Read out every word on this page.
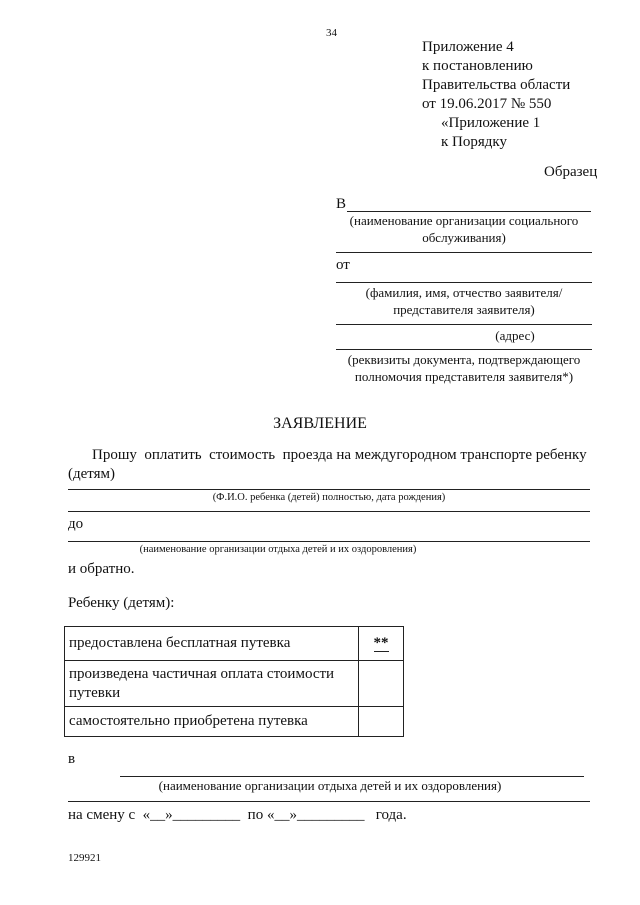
34
Приложение 4
к постановлению
Правительства области
от 19.06.2017 № 550
«Приложение 1
к Порядку
Образец
В
(наименование организации социального
обслуживания)
от
(фамилия, имя, отчество заявителя/
представителя заявителя)
(адрес)
(реквизиты документа, подтверждающего
полномочия представителя заявителя*)
ЗАЯВЛЕНИЕ
Прошу  оплатить  стоимость  проезда на междугородном транспорте ребенку
(детям)
(Ф.И.О. ребенка (детей) полностью, дата рождения)
до
(наименование организации отдыха детей и их оздоровления)
и обратно.
Ребенку (детям):
предоставлена бесплатная путевка	**
произведена частичная оплата стоимости путевки	
самостоятельно приобретена путевка	
в
(наименование организации отдыха детей и их оздоровления)
на смену с  «__»_________  по «__»_________   года.
129921
